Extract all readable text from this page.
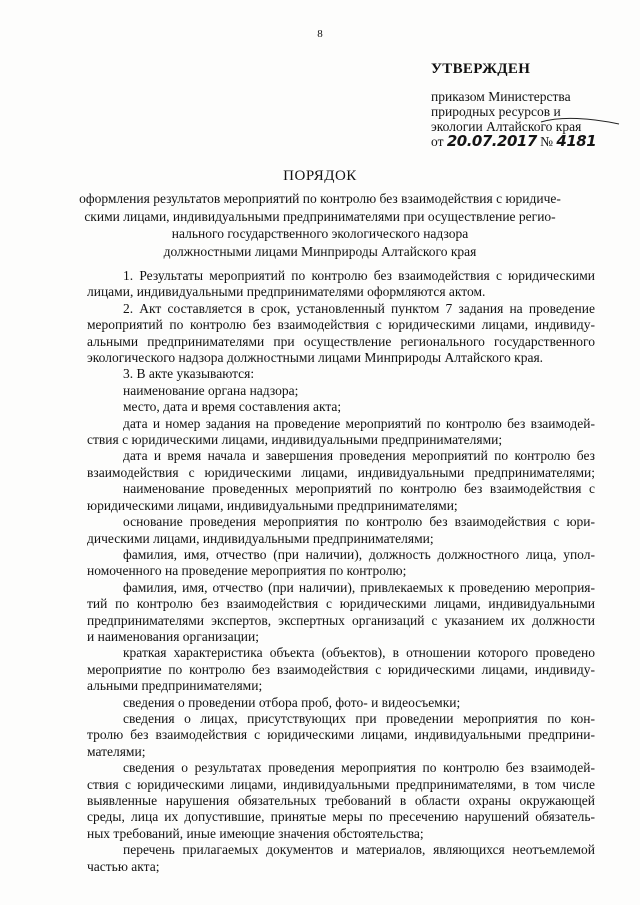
8
УТВЕРЖДЕН
приказом Министерства
природных ресурсов и
экологии Алтайского края
от 20.07.2017 № 4181
ПОРЯДОК
оформления результатов мероприятий по контролю без взаимодействия с юридиче-
скими лицами, индивидуальными предпринимателями при осуществление регио-
нального государственного экологического надзора
должностными лицами Минприроды Алтайского края
1. Результаты мероприятий по контролю без взаимодействия с юридическими
лицами, индивидуальными предпринимателями оформляются актом.
2. Акт составляется в срок, установленный пунктом 7 задания на проведение
мероприятий по контролю без взаимодействия с юридическими лицами, индивиду-
альными предпринимателями при осуществление регионального государственного
экологического надзора должностными лицами Минприроды Алтайского края.
3. В акте указываются:
наименование органа надзора;
место, дата и время составления акта;
дата и номер задания на проведение мероприятий по контролю без взаимодей-
ствия с юридическими лицами, индивидуальными предпринимателями;
дата и время начала и завершения проведения мероприятий по контролю без
взаимодействия с юридическими лицами, индивидуальными предпринимателями;
наименование проведенных мероприятий по контролю без взаимодействия с
юридическими лицами, индивидуальными предпринимателями;
основание проведения мероприятия по контролю без взаимодействия с юри-
дическими лицами, индивидуальными предпринимателями;
фамилия, имя, отчество (при наличии), должность должностного лица, упол-
номоченного на проведение мероприятия по контролю;
фамилия, имя, отчество (при наличии), привлекаемых к проведению мероприя-
тий по контролю без взаимодействия с юридическими лицами, индивидуальными
предпринимателями экспертов, экспертных организаций с указанием их должности
и наименования организации;
краткая характеристика объекта (объектов), в отношении которого проведено
мероприятие по контролю без взаимодействия с юридическими лицами, индивиду-
альными предпринимателями;
сведения о проведении отбора проб, фото- и видеосъемки;
сведения о лицах, присутствующих при проведении мероприятия по кон-
тролю без взаимодействия с юридическими лицами, индивидуальными предприни-
мателями;
сведения о результатах проведения мероприятия по контролю без взаимодей-
ствия с юридическими лицами, индивидуальными предпринимателями, в том числе
выявленные нарушения обязательных требований в области охраны окружающей
среды, лица их допустившие, принятые меры по пресечению нарушений обязатель-
ных требований, иные имеющие значения обстоятельства;
перечень прилагаемых документов и материалов, являющихся неотъемлемой
частью акта;
